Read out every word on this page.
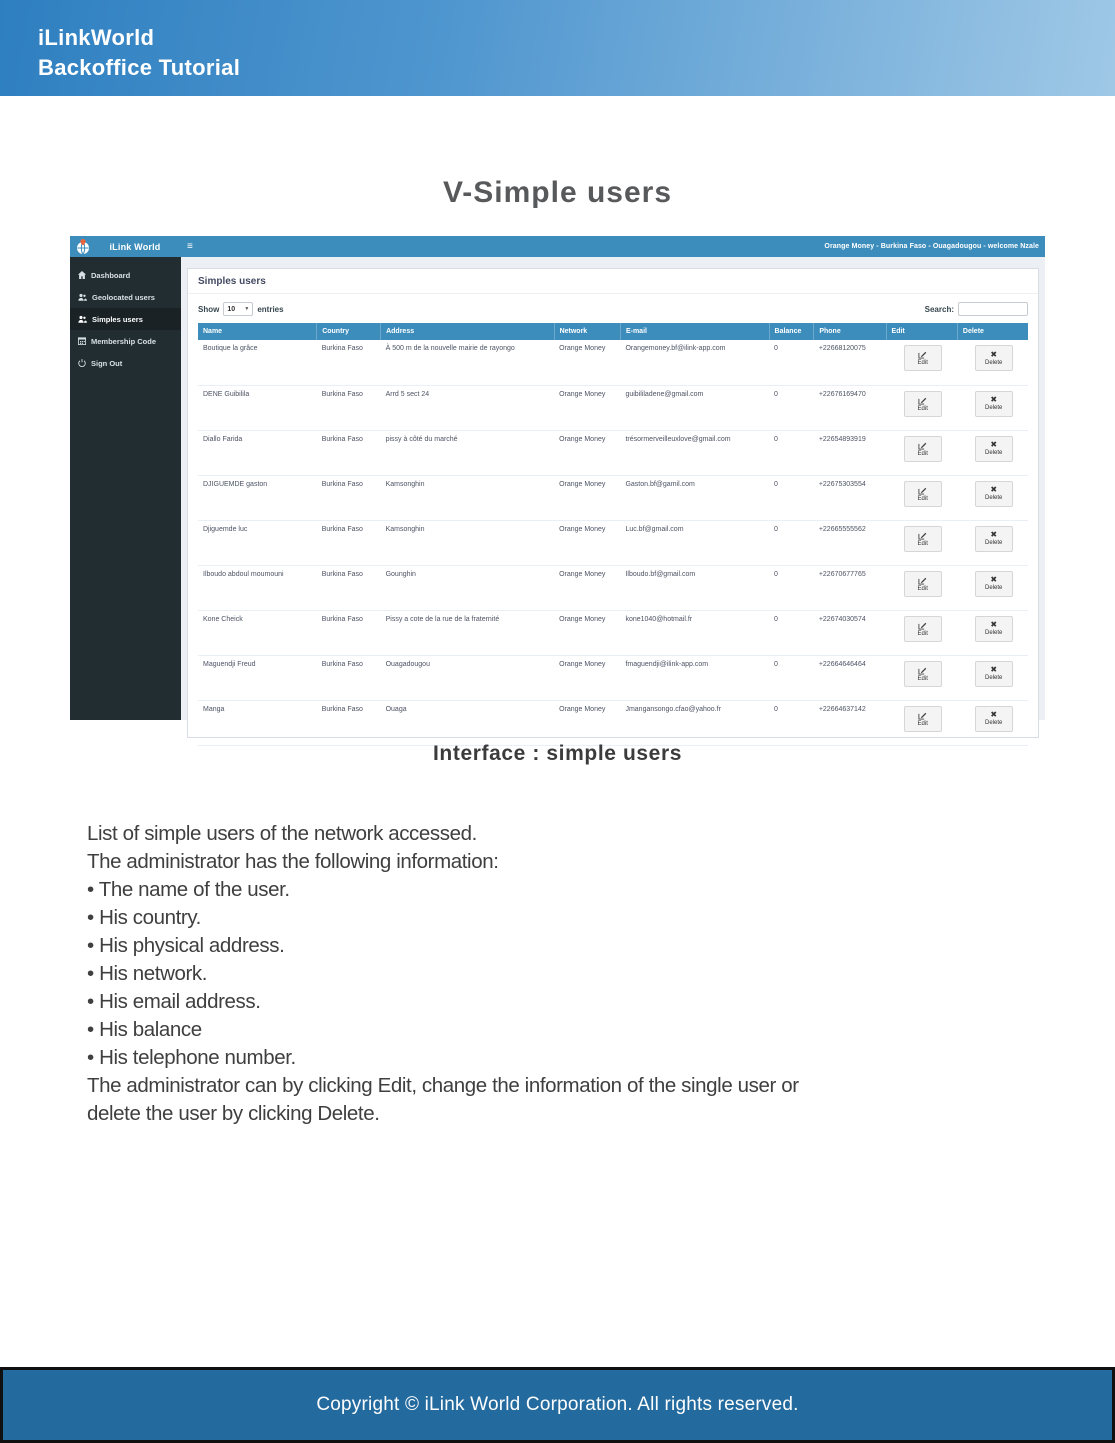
iLinkWorld
Backoffice Tutorial
V-Simple users
iLink World	≡	Orange Money - Burkina Faso - Ouagadougou - welcome Nzale
Dashboard
Geolocated users
Simples users
Membership Code
Sign Out
Simples users
Show 10 ▼ entries	Search:
Name	Country	Address	Network	E-mail	Balance	Phone	Edit	Delete
Boutique la grâce	Burkina Faso	À 500 m de la nouvelle mairie de rayongo	Orange Money	Orangemoney.bf@ilink-app.com	0	+22668120075	Edit	✖
Delete

DENE Guibilila	Burkina Faso	Arrd 5 sect 24	Orange Money	guibililadene@gmail.com	0	+22676169470	Edit	✖
Delete

Diallo Farida	Burkina Faso	pissy à côté du marché	Orange Money	trésormerveilleuxlove@gmail.com	0	+22654893919	Edit	✖
Delete

DJIGUEMDE gaston	Burkina Faso	Kamsonghin	Orange Money	Gaston.bf@gamil.com	0	+22675303554	Edit	✖
Delete

Djiguemde luc	Burkina Faso	Kamsonghin	Orange Money	Luc.bf@gmail.com	0	+22665555562	Edit	✖
Delete

Ilboudo abdoul moumouni	Burkina Faso	Gounghin	Orange Money	Ilboudo.bf@gmail.com	0	+22670677765	Edit	✖
Delete

Kone Cheick	Burkina Faso	Pissy a cote de la rue de la fraternité	Orange Money	kone1040@hotmail.fr	0	+22674030574	Edit	✖
Delete

Maguendji Freud	Burkina Faso	Ouagadougou	Orange Money	fmaguendji@ilink-app.com	0	+22664646464	Edit	✖
Delete

Manga	Burkina Faso	Ouaga	Orange Money	Jmangansongo.cfao@yahoo.fr	0	+22664637142	Edit	✖
Delete
Interface : simple users
List of simple users of the network accessed.
The administrator has the following information:
• The name of the user.
• His country.
• His physical address.
• His network.
• His email address.
• His balance
• His telephone number.
The administrator can by clicking Edit, change the information of the single user or
delete the user by clicking Delete.
Copyright © iLink World Corporation. All rights reserved.
